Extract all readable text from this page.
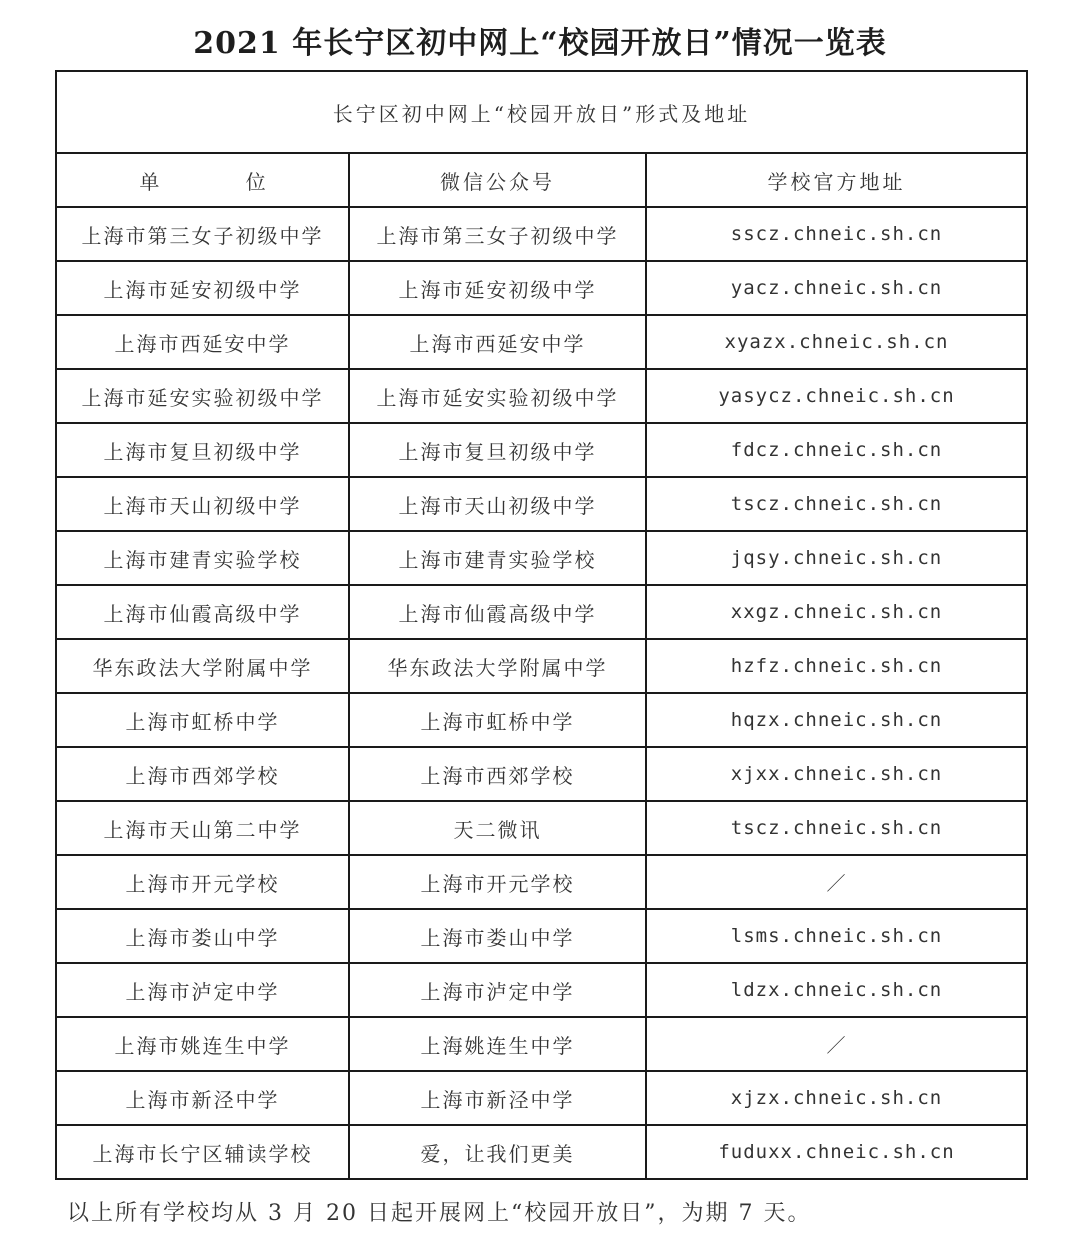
2021 年长宁区初中网上“校园开放日”情况一览表
长宁区初中网上“校园开放日”形式及地址		
单 位	微信公众号	学校官方地址
上海市第三女子初级中学	上海市第三女子初级中学	sscz.chneic.sh.cn
上海市延安初级中学	上海市延安初级中学	yacz.chneic.sh.cn
上海市西延安中学	上海市西延安中学	xyazx.chneic.sh.cn
上海市延安实验初级中学	上海市延安实验初级中学	yasycz.chneic.sh.cn
上海市复旦初级中学	上海市复旦初级中学	fdcz.chneic.sh.cn
上海市天山初级中学	上海市天山初级中学	tscz.chneic.sh.cn
上海市建青实验学校	上海市建青实验学校	jqsy.chneic.sh.cn
上海市仙霞高级中学	上海市仙霞高级中学	xxgz.chneic.sh.cn
华东政法大学附属中学	华东政法大学附属中学	hzfz.chneic.sh.cn
上海市虹桥中学	上海市虹桥中学	hqzx.chneic.sh.cn
上海市西郊学校	上海市西郊学校	xjxx.chneic.sh.cn
上海市天山第二中学	天二微讯	tscz.chneic.sh.cn
上海市开元学校	上海市开元学校	／
上海市娄山中学	上海市娄山中学	lsms.chneic.sh.cn
上海市泸定中学	上海市泸定中学	ldzx.chneic.sh.cn
上海市姚连生中学	上海姚连生中学	／
上海市新泾中学	上海市新泾中学	xjzx.chneic.sh.cn
上海市长宁区辅读学校	爱，让我们更美	fuduxx.chneic.sh.cn
以上所有学校均从 3 月 20 日起开展网上“校园开放日”，为期 7 天。
